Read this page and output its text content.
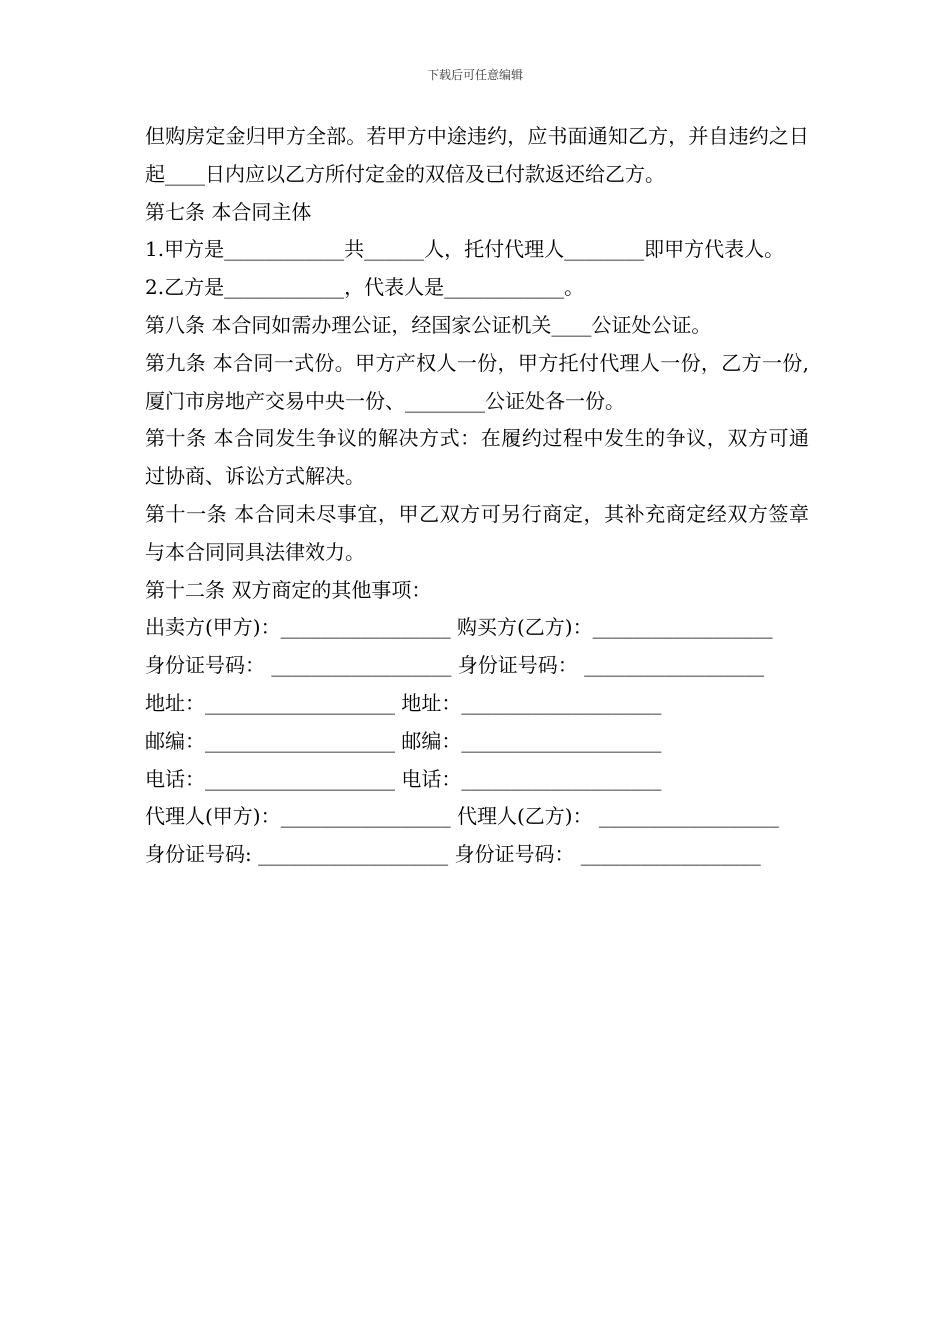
下载后可任意编辑

但购房定金归甲方全部。若甲方中途违约，应书面通知乙方，并自违约之日起____日内应以乙方所付定金的双倍及已付款返还给乙方。

第七条 本合同主体

1.甲方是____________共______人，托付代理人________即甲方代表人。

2.乙方是____________，代表人是____________。

第八条 本合同如需办理公证，经国家公证机关____公证处公证。

第九条 本合同一式份。甲方产权人一份，甲方托付代理人一份，乙方一份,厦门市房地产交易中央一份、________公证处各一份。

第十条 本合同发生争议的解决方式：在履约过程中发生的争议，双方可通过协商、诉讼方式解决。

第十一条 本合同未尽事宜，甲乙双方可另行商定，其补充商定经双方签章与本合同同具法律效力。

第十二条 双方商定的其他事项：

出卖方(甲方)：_________________ 购买方(乙方)：__________________

身份证号码： __________________ 身份证号码： __________________

地址：___________________ 地址：____________________

邮编：___________________ 邮编：____________________

电话：___________________ 电话：____________________

代理人(甲方)：_________________ 代理人(乙方)： __________________

身份证号码: ___________________ 身份证号码： __________________
